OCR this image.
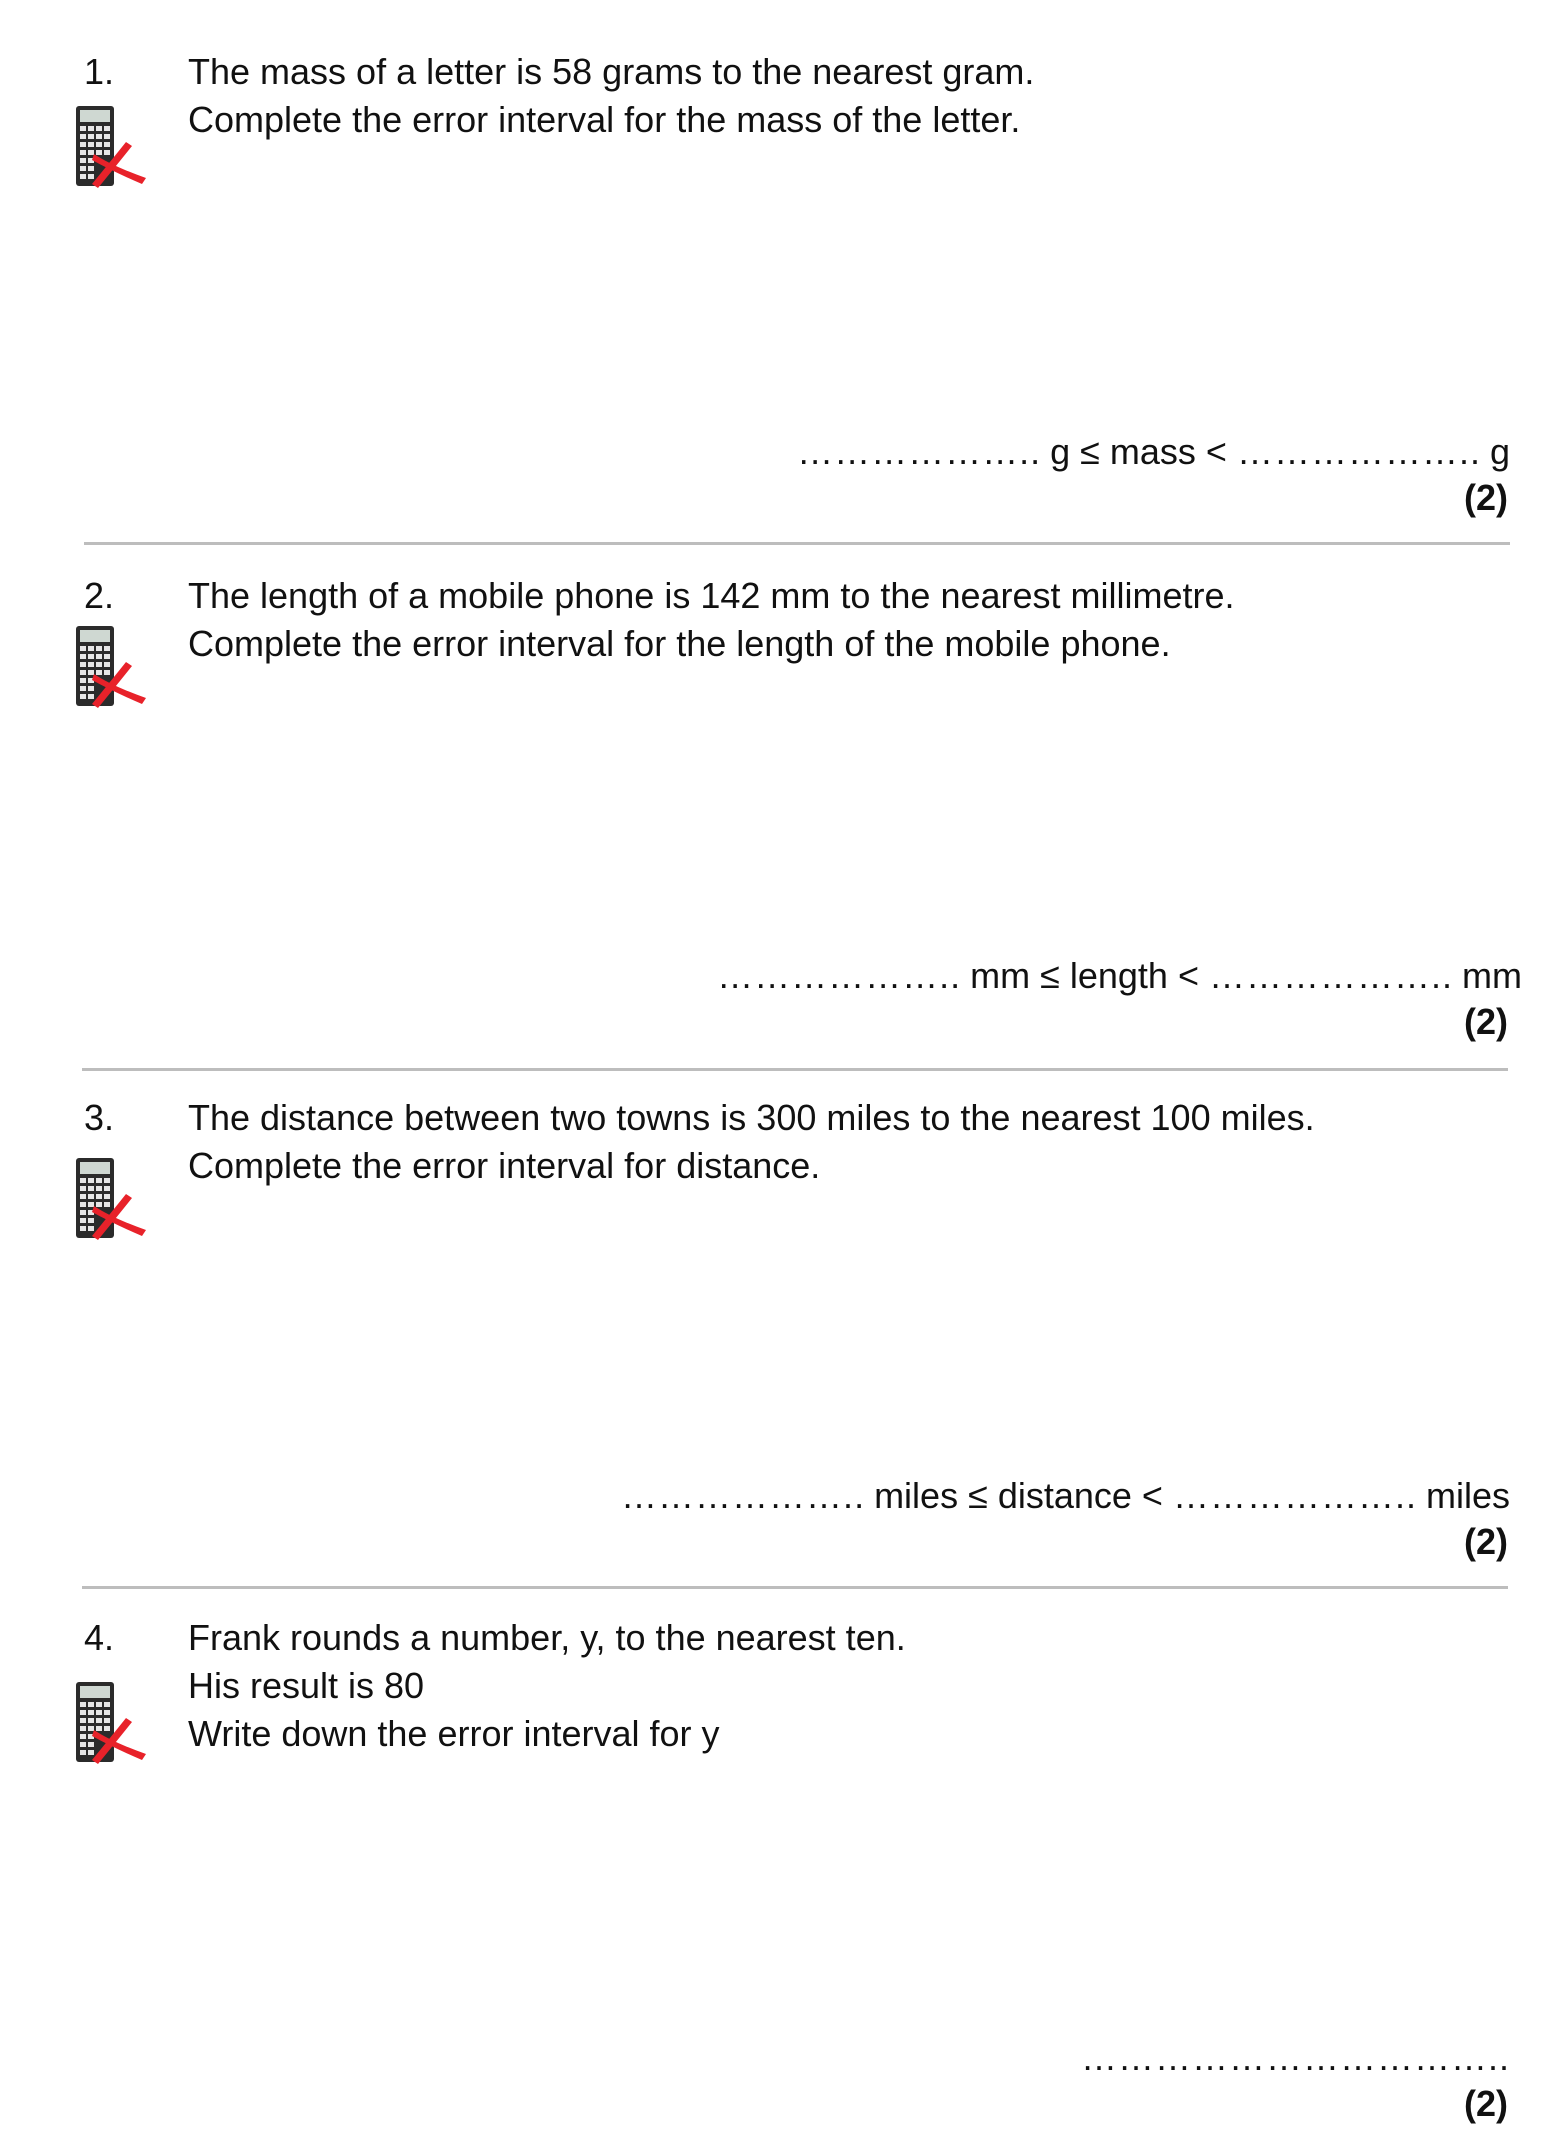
1. The mass of a letter is 58 grams to the nearest gram.
Complete the error interval for the mass of the letter.
……………….. g ≤ mass < ……………….. g
(2)
2. The length of a mobile phone is 142 mm to the nearest millimetre.
Complete the error interval for the length of the mobile phone.
……………….. mm ≤ length < ……………….. mm
(2)
3. The distance between two towns is 300 miles to the nearest 100 miles.
Complete the error interval for distance.
……………….. miles ≤ distance < ……………….. miles
(2)
4. Frank rounds a number, y, to the nearest ten.
His result is 80
Write down the error interval for y
……………………………..
(2)
